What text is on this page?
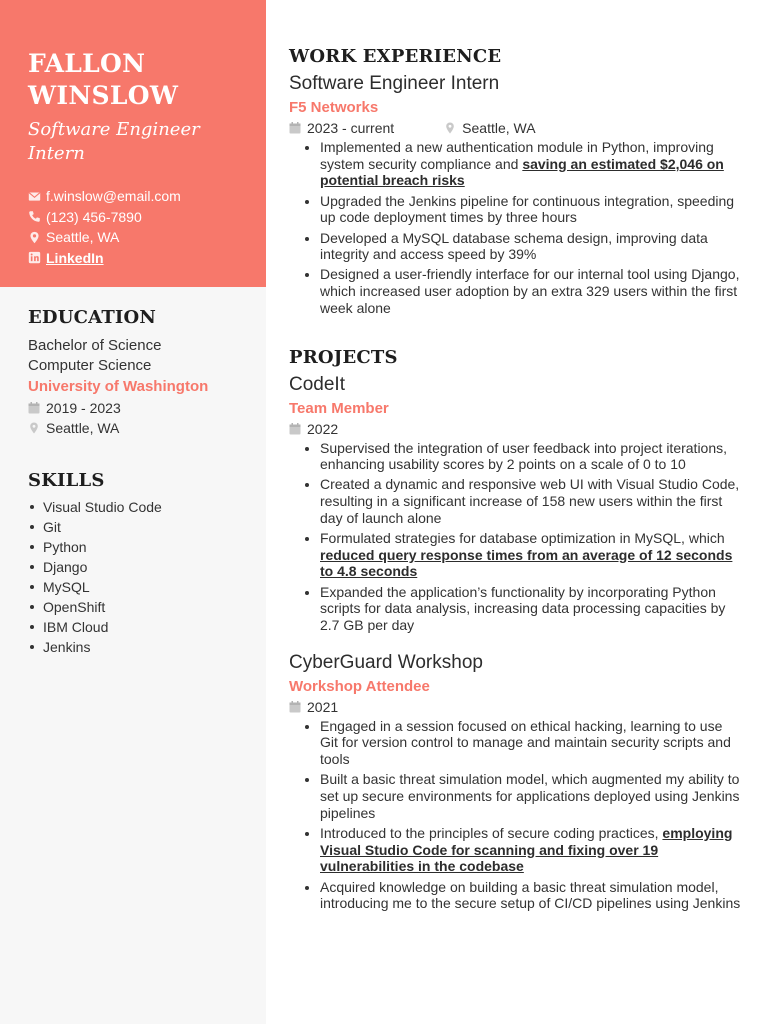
FALLON
WINSLOW
Software Engineer
Intern
f.winslow@email.com
(123) 456-7890
Seattle, WA
LinkedIn
EDUCATION
Bachelor of Science
Computer Science
University of Washington
2019 - 2023
Seattle, WA
SKILLS
Visual Studio Code
Git
Python
Django
MySQL
OpenShift
IBM Cloud
Jenkins
WORK EXPERIENCE
Software Engineer Intern
F5 Networks
2023 - current	Seattle, WA
Implemented a new authentication module in Python, improving system security compliance and saving an estimated $2,046 on potential breach risks
Upgraded the Jenkins pipeline for continuous integration, speeding up code deployment times by three hours
Developed a MySQL database schema design, improving data integrity and access speed by 39%
Designed a user-friendly interface for our internal tool using Django, which increased user adoption by an extra 329 users within the first week alone
PROJECTS
CodeIt
Team Member
2022
Supervised the integration of user feedback into project iterations, enhancing usability scores by 2 points on a scale of 0 to 10
Created a dynamic and responsive web UI with Visual Studio Code, resulting in a significant increase of 158 new users within the first day of launch alone
Formulated strategies for database optimization in MySQL, which reduced query response times from an average of 12 seconds to 4.8 seconds
Expanded the application’s functionality by incorporating Python scripts for data analysis, increasing data processing capacities by 2.7 GB per day
CyberGuard Workshop
Workshop Attendee
2021
Engaged in a session focused on ethical hacking, learning to use Git for version control to manage and maintain security scripts and tools
Built a basic threat simulation model, which augmented my ability to set up secure environments for applications deployed using Jenkins pipelines
Introduced to the principles of secure coding practices, employing Visual Studio Code for scanning and fixing over 19 vulnerabilities in the codebase
Acquired knowledge on building a basic threat simulation model, introducing me to the secure setup of CI/CD pipelines using Jenkins
